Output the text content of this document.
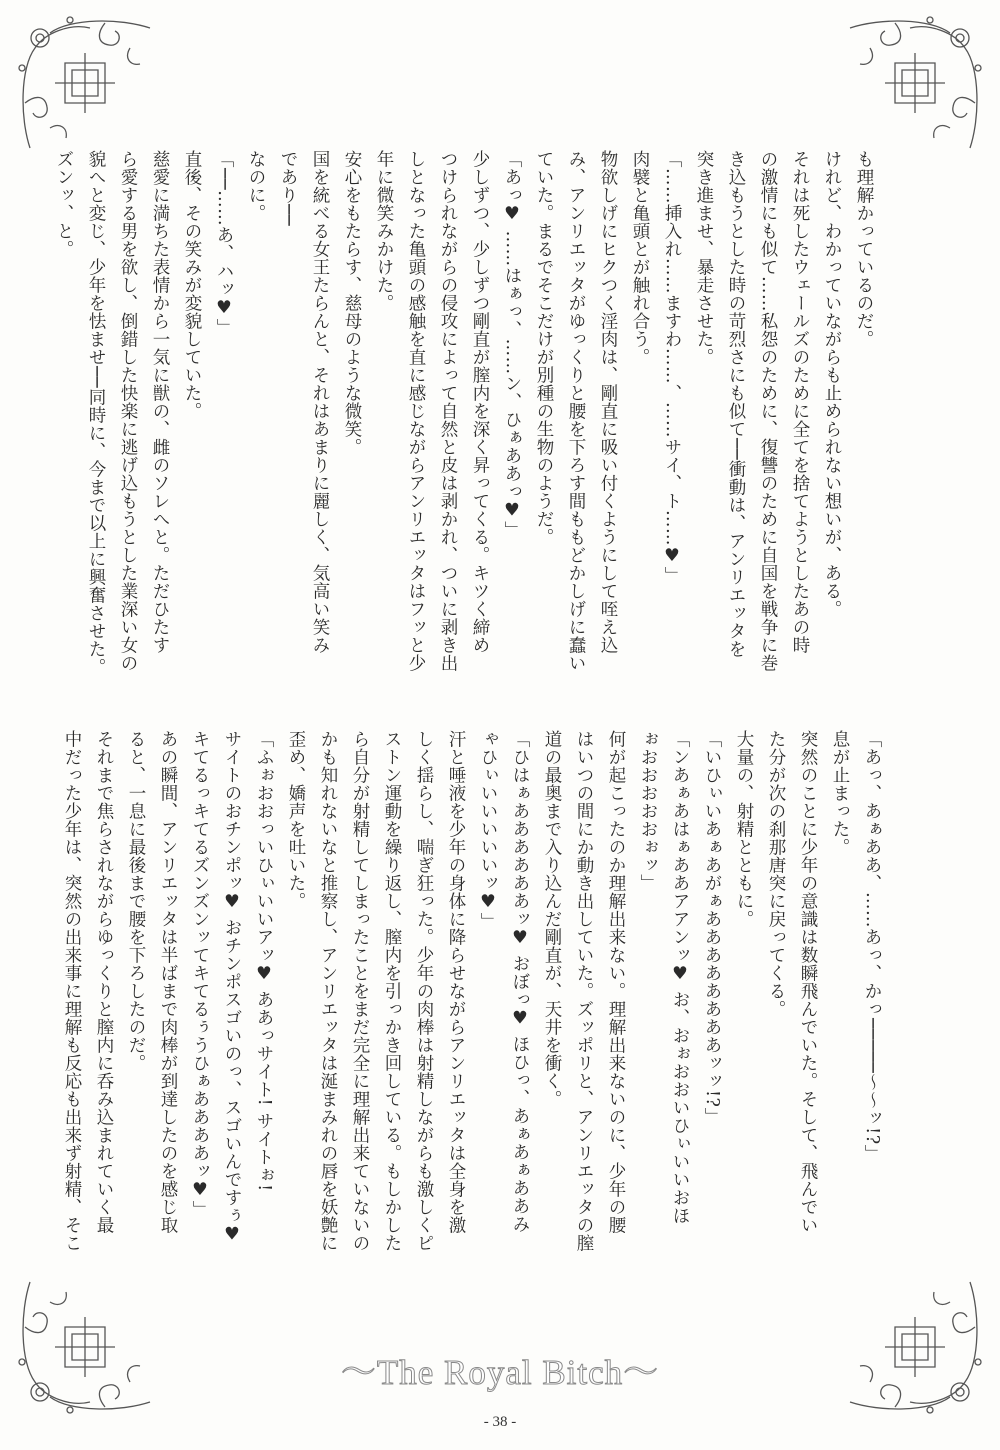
も理解かっているのだ。

けれど、わかっていながらも止められない想いが、ある。

それは死したウェールズのために全てを捨てようとしたあの時

の激情にも似て……私怨のために、復讐のために自国を戦争に巻

き込もうとした時の苛烈さにも似て──衝動は、アンリエッタを

突き進ませ、暴走させた。

「……挿入れ……ますわ……、……サイ、ト……♥」

肉襞と亀頭とが触れ合う。

物欲しげにヒクつく淫肉は、剛直に吸い付くようにして咥え込

み、アンリエッタがゆっくりと腰を下ろす間ももどかしげに蠢い

ていた。まるでそこだけが別種の生物のようだ。

「あっ♥ ……はぁっ、……ン、ひぁああっ♥」

少しずつ、少しずつ剛直が膣内を深く昇ってくる。キツく締め

つけられながらの侵攻によって自然と皮は剥かれ、ついに剥き出

しとなった亀頭の感触を直に感じながらアンリエッタはフッと少

年に微笑みかけた。

安心をもたらす、慈母のような微笑。

国を統べる女王たらんと、それはあまりに麗しく、気高い笑み

であり──

なのに。

「──……あ、ハッ♥」

直後、その笑みが変貌していた。

慈愛に満ちた表情から一気に獣の、雌のソレへと。ただひたす

ら愛する男を欲し、倒錯した快楽に逃げ込もうとした業深い女の

貌へと変じ、少年を怯ませ──同時に、今まで以上に興奮させた。

ズンッ、と。

「あっ、あぁああ、……あっ、かっ─────～～ッ!?」

息が止まった。

突然のことに少年の意識は数瞬飛んでいた。そして、飛んでい

た分が次の刹那唐突に戻ってくる。

大量の、射精とともに。

「いひぃいあぁあがぁああああああああッッ!?」

「ンあぁあはぁああアアンッ♥ お、おぉおおいひぃいいおほ

ぉおおおおおぉッ」

何が起こったのか理解出来ない。理解出来ないのに、少年の腰

はいつの間にか動き出していた。ズッポリと、アンリエッタの膣

道の最奥まで入り込んだ剛直が、天井を衝く。

「ひはぁああああああッ♥ おぼっ♥ ほひっ、あぁあぁああみ

ゃひぃいいいいいッ♥」

汗と唾液を少年の身体に降らせながらアンリエッタは全身を激

しく揺らし、喘ぎ狂った。少年の肉棒は射精しながらも激しくピ

ストン運動を繰り返し、膣内を引っかき回している。もしかした

ら自分が射精してしまったことをまだ完全に理解出来ていないの

かも知れないなと推察し、アンリエッタは涎まみれの唇を妖艶に

歪め、嬌声を吐いた。

「ふぉおおっいひぃいいアッ♥ ああっサイト! サイトぉ!

サイトのおチンポッ♥ おチンポスゴいのっ、スゴいんですぅ♥

キてるっキてるズンズンッてキてるぅうひぁああああッ♥」

あの瞬間、アンリエッタは半ばまで肉棒が到達したのを感じ取

ると、一息に最後まで腰を下ろしたのだ。

それまで焦らされながらゆっくりと膣内に呑み込まれていく最

中だった少年は、突然の出来事に理解も反応も出来ず射精、そこ

～The Royal Bitch～
- 38 -
